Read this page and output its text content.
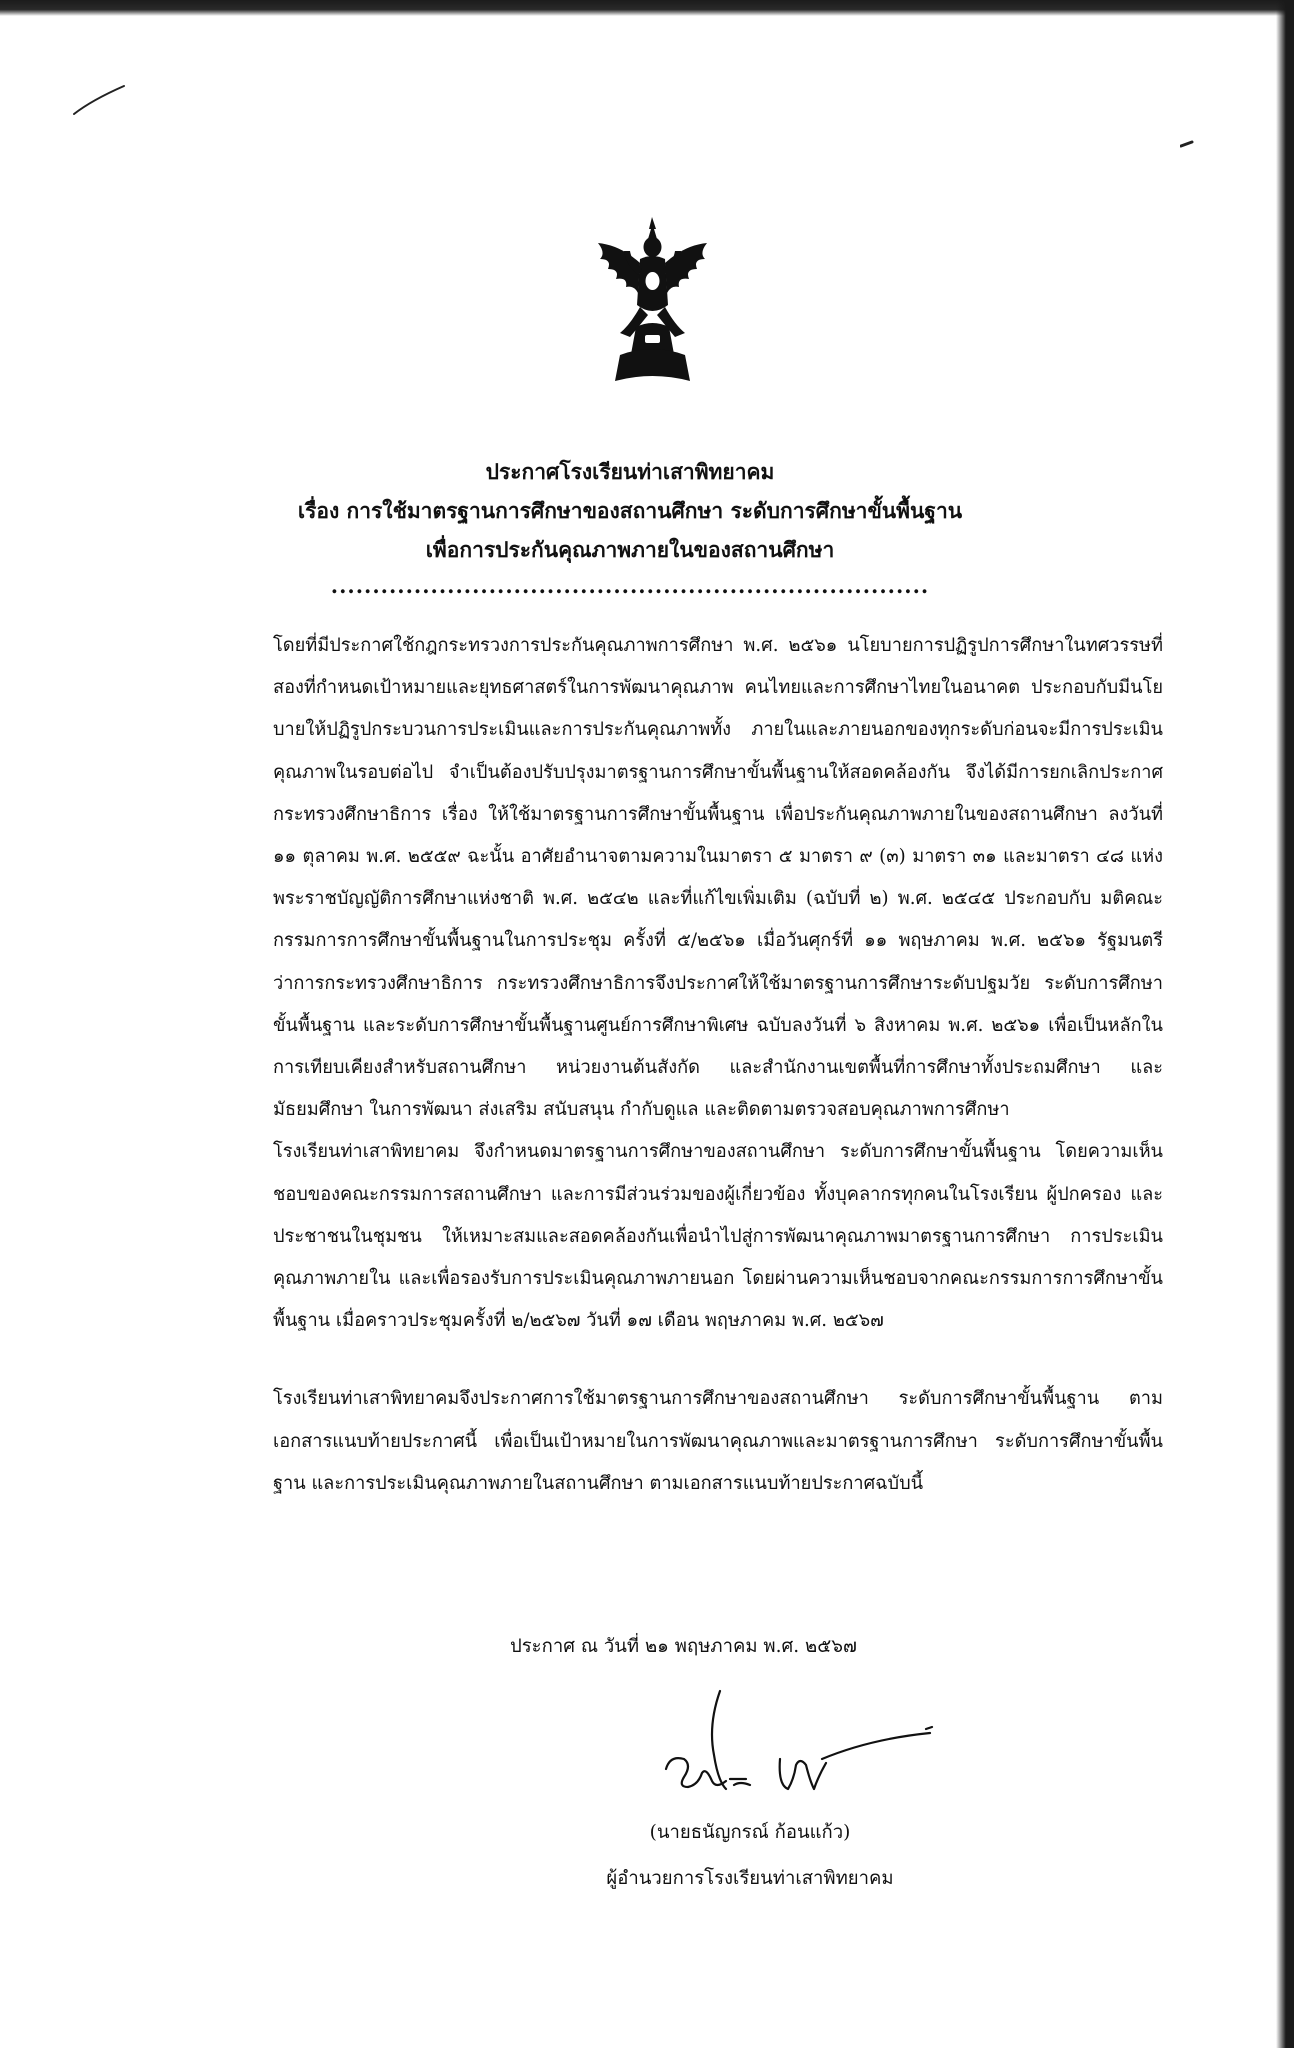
ประกาศโรงเรียนท่าเสาพิทยาคม
เรื่อง การใช้มาตรฐานการศึกษาของสถานศึกษา ระดับการศึกษาขั้นพื้นฐาน
เพื่อการประกันคุณภาพภายในของสถานศึกษา
........................................................................

โดยที่มีประกาศใช้กฎกระทรวงการประกันคุณภาพการศึกษา พ.ศ. ๒๕๖๑ นโยบายการปฏิรูปการศึกษาในทศวรรษที่สองที่กำหนดเป้าหมายและยุทธศาสตร์ในการพัฒนาคุณภาพ คนไทยและการศึกษาไทยในอนาคต ประกอบกับมีนโยบายให้ปฏิรูปกระบวนการประเมินและการประกันคุณภาพทั้ง ภายในและภายนอกของทุกระดับก่อนจะมีการประเมินคุณภาพในรอบต่อไป จำเป็นต้องปรับปรุงมาตรฐานการศึกษาขั้นพื้นฐานให้สอดคล้องกัน จึงได้มีการยกเลิกประกาศกระทรวงศึกษาธิการ เรื่อง ให้ใช้มาตรฐานการศึกษาขั้นพื้นฐาน เพื่อประกันคุณภาพภายในของสถานศึกษา ลงวันที่ ๑๑ ตุลาคม พ.ศ. ๒๕๕๙ ฉะนั้น อาศัยอำนาจตามความในมาตรา ๕ มาตรา ๙ (๓) มาตรา ๓๑ และมาตรา ๔๘ แห่ง พระราชบัญญัติการศึกษาแห่งชาติ พ.ศ. ๒๕๔๒ และที่แก้ไขเพิ่มเติม (ฉบับที่ ๒) พ.ศ. ๒๕๔๕ ประกอบกับ มติคณะกรรมการการศึกษาขั้นพื้นฐานในการประชุม ครั้งที่ ๕/๒๕๖๑ เมื่อวันศุกร์ที่ ๑๑ พฤษภาคม พ.ศ. ๒๕๖๑ รัฐมนตรีว่าการกระทรวงศึกษาธิการ กระทรวงศึกษาธิการจึงประกาศให้ใช้มาตรฐานการศึกษาระดับปฐมวัย ระดับการศึกษาขั้นพื้นฐาน และระดับการศึกษาขั้นพื้นฐานศูนย์การศึกษาพิเศษ ฉบับลงวันที่ ๖ สิงหาคม พ.ศ. ๒๕๖๑ เพื่อเป็นหลักในการเทียบเคียงสำหรับสถานศึกษา หน่วยงานต้นสังกัด และสำนักงานเขตพื้นที่การศึกษาทั้งประถมศึกษา และมัธยมศึกษา ในการพัฒนา ส่งเสริม สนับสนุน กำกับดูแล และติดตามตรวจสอบคุณภาพการศึกษา

โรงเรียนท่าเสาพิทยาคม จึงกำหนดมาตรฐานการศึกษาของสถานศึกษา ระดับการศึกษาขั้นพื้นฐาน โดยความเห็นชอบของคณะกรรมการสถานศึกษา และการมีส่วนร่วมของผู้เกี่ยวข้อง ทั้งบุคลากรทุกคนในโรงเรียน ผู้ปกครอง และประชาชนในชุมชน ให้เหมาะสมและสอดคล้องกันเพื่อนำไปสู่การพัฒนาคุณภาพมาตรฐานการศึกษา การประเมินคุณภาพภายใน และเพื่อรองรับการประเมินคุณภาพภายนอก โดยผ่านความเห็นชอบจากคณะกรรมการการศึกษาขั้นพื้นฐาน เมื่อคราวประชุมครั้งที่ ๒/๒๕๖๗ วันที่ ๑๗ เดือน พฤษภาคม พ.ศ. ๒๕๖๗

โรงเรียนท่าเสาพิทยาคมจึงประกาศการใช้มาตรฐานการศึกษาของสถานศึกษา ระดับการศึกษาขั้นพื้นฐาน ตามเอกสารแนบท้ายประกาศนี้ เพื่อเป็นเป้าหมายในการพัฒนาคุณภาพและมาตรฐานการศึกษา ระดับการศึกษาขั้นพื้นฐาน และการประเมินคุณภาพภายในสถานศึกษา ตามเอกสารแนบท้ายประกาศฉบับนี้

ประกาศ ณ วันที่ ๒๑ พฤษภาคม พ.ศ. ๒๕๖๗
(นายธนัญกรณ์ ก้อนแก้ว)
ผู้อำนวยการโรงเรียนท่าเสาพิทยาคม
